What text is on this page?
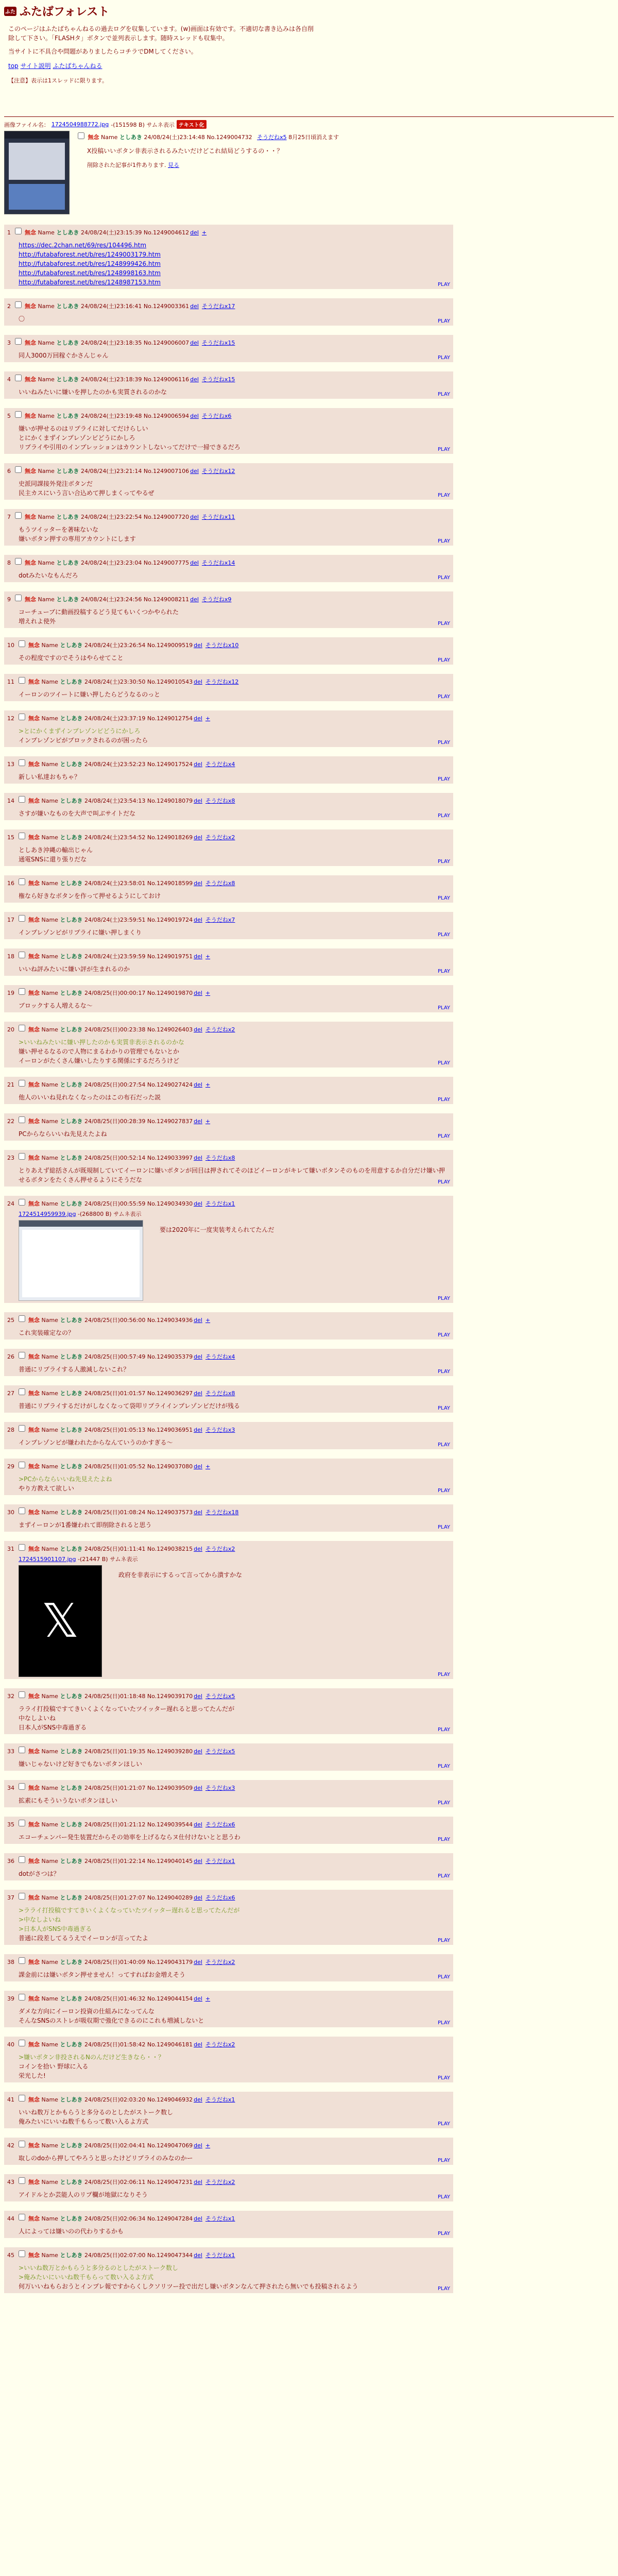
ふた ふたばフォレスト

このページはふたばちゃんねるの過去ログを収集しています。(w)画面は有効です。不適切な書き込みは各自削除して下さい。「FLASHタ」ボタンで並列表示します。随時スレッドも収集中。

当サイトに不具合や問題がありましたらコチラでDMしてください。

top サイト説明 ふたばちゃんねる
【注意】表示は1スレッドに限ります。
画像ファイル名： 1724504988772.jpg -(151598 B) サムネ表示 テキスト化
無念 Name としあき 24/08/24(土)23:14:48 No.1249004732 そうだねx5 8月25日頃消えます
X投稿いいボタン非表示されるみたいだけどこれ結局どうするの・・？
削除された記事が1件あります. 見る
1 無念 Name としあき 24/08/24(土)23:15:39 No.1249004612 del +
https://dec.2chan.net/69/res/104496.htm
http://futabaforest.net/b/res/1249003179.htm
http://futabaforest.net/b/res/1248999426.htm
http://futabaforest.net/b/res/1248998163.htm
http://futabaforest.net/b/res/1248987153.htm	PLAY
2 無念 Name としあき 24/08/24(土)23:16:41 No.1249003361 del そうだねx17
〇	PLAY
3 無念 Name としあき 24/08/24(土)23:18:35 No.1249006007 del そうだねx15
同人3000万回稼ぐかさんじゃん	PLAY
4 無念 Name としあき 24/08/24(土)23:18:39 No.1249006116 del そうだねx15
いいねみたいに嫌いを押したのかも実質されるのかな	PLAY
5 無念 Name としあき 24/08/24(土)23:19:48 No.1249006594 del そうだねx6
嫌いが押せるのはリプライに対してだけらしい
とにかくまずインプレゾンビどうにかしろ
リプライや引用のインプレッションはカウントしないってだけで一掃できるだろ	PLAY
6 無念 Name としあき 24/08/24(土)23:21:14 No.1249007106 del そうだねx12
史派同課接外発注ボタンだ
民主カスにいう言い合込めて押しまくってやるぜ	PLAY
7 無念 Name としあき 24/08/24(土)23:22:54 No.1249007720 del そうだねx11
もうツイッターを著味ないな
嫌いボタン押すの専用アカウントにします	PLAY
8 無念 Name としあき 24/08/24(土)23:23:04 No.1249007775 del そうだねx14
dotみたいなもんだろ	PLAY
9 無念 Name としあき 24/08/24(土)23:24:56 No.1249008211 del そうだねx9
コーチューブに動画投稿するどう見てもいくつかやられた
増えれよ使外	PLAY
10 無念 Name としあき 24/08/24(土)23:26:54 No.1249009519 del そうだねx10
その程度ですのでそうはやらせてこと	PLAY
11 無念 Name としあき 24/08/24(土)23:30:50 No.1249010543 del そうだねx12
イーロンのツイートに嫌い押したらどうなるのっと	PLAY
12 無念 Name としあき 24/08/24(土)23:37:19 No.1249012754 del +
>とにかくまずインプレゾンビどうにかしろ
インプレゾンビがブロックされるのが困ったら	PLAY
13 無念 Name としあき 24/08/24(土)23:52:23 No.1249017524 del そうだねx4
新しい私達おもちゃ？	PLAY
14 無念 Name としあき 24/08/24(土)23:54:13 No.1249018079 del そうだねx8
さすが嫌いなものを大声で叫ぶサイトだな	PLAY
15 無念 Name としあき 24/08/24(土)23:54:52 No.1249018269 del そうだねx2
としあき沖縄の輸出じゃん
通電SNSに還り張りだな	PLAY
16 無念 Name としあき 24/08/24(土)23:58:01 No.1249018599 del そうだねx8
権なら好きなボタンを作って押せるようにしておけ	PLAY
17 無念 Name としあき 24/08/24(土)23:59:51 No.1249019724 del そうだねx7
インプレゾンビがリプライに嫌い押しまくり	PLAY
18 無念 Name としあき 24/08/24(土)23:59:59 No.1249019751 del +
いいね評みたいに嫌い評が生まれるのか	PLAY
19 無念 Name としあき 24/08/25(日)00:00:17 No.1249019870 del +
ブロックする人増えるな～	PLAY
20 無念 Name としあき 24/08/25(日)00:23:38 No.1249026403 del そうだねx2
>いいねみたいに嫌い押したのかも実質非表示されるのかな
嫌い押せるなるので人物にまるわかりの管理でもないとか
イーロンがたくさん嫌いしたりする関係にするだろうけど	PLAY
21 無念 Name としあき 24/08/25(日)00:27:54 No.1249027424 del +
他人のいいね見れなくなったのはこの布石だった説	PLAY
22 無念 Name としあき 24/08/25(日)00:28:39 No.1249027837 del +
PCからならいいね先見えたよね	PLAY
23 無念 Name としあき 24/08/25(日)00:52:14 No.1249033997 del そうだねx8
とりあえず総括さんが既規制していてイーロンに嫌いボタンが回目は押されてそのほどイーロンがキレて嫌いボタンそのものを用意するか自分だけ嫌い押せるボタンをたくさん押せるようにそうだな	PLAY
24 無念 Name としあき 24/08/25(日)00:55:59 No.1249034930 del そうだねx1
1724514959939.jpg -(268800 B) サムネ表示
要は2020年に一度実装考えられてたんだ
PLAY
25 無念 Name としあき 24/08/25(日)00:56:00 No.1249034936 del +
これ実装確定なの？	PLAY
26 無念 Name としあき 24/08/25(日)00:57:49 No.1249035379 del そうだねx4
普通にリプライする人激減しないこれ？	PLAY
27 無念 Name としあき 24/08/25(日)01:01:57 No.1249036297 del そうだねx8
普通にリプライするだけがしなくなって袋叩リプライインプレゾンビだけが残る	PLAY
28 無念 Name としあき 24/08/25(日)01:05:13 No.1249036951 del そうだねx3
インプレゾンビが嫌われたからなんていうのかすぎる～	PLAY
29 無念 Name としあき 24/08/25(日)01:05:52 No.1249037080 del +
>PCからならいいね先見えたよね
やり方教えて欲しい	PLAY
30 無念 Name としあき 24/08/25(日)01:08:24 No.1249037573 del そうだねx18
まずイーロンが1番嫌われて即削除されると思う	PLAY
31 無念 Name としあき 24/08/25(日)01:11:41 No.1249038215 del そうだねx2
1724515901107.jpg -(21447 B) サムネ表示
𝕏
政府を非表示にするって言ってから潰すかな
PLAY
32 無念 Name としあき 24/08/25(日)01:18:48 No.1249039170 del そうだねx5
ラライ打投稿ですてきいくよくなっていたツイッター遅れると思ってたんだが
中なしよいね
日本人がSNS中毒過ぎる	PLAY
33 無念 Name としあき 24/08/25(日)01:19:35 No.1249039280 del そうだねx5
嫌いじゃないけど好きでもないボタンほしい	PLAY
34 無念 Name としあき 24/08/25(日)01:21:07 No.1249039509 del そうだねx3
拡素にもそういうないボタンほしい	PLAY
35 無念 Name としあき 24/08/25(日)01:21:12 No.1249039544 del そうだねx6
エコーチェンバー発生装置だからその効率を上げるならヌ仕付けないとと思うわ	PLAY
36 無念 Name としあき 24/08/25(日)01:22:14 No.1249040145 del そうだねx1
dotがさつは？	PLAY
37 無念 Name としあき 24/08/25(日)01:27:07 No.1249040289 del そうだねx6
>ラライ打投稿ですてきいくよくなっていたツイッター遅れると思ってたんだが
>中なしよいね
>日本人がSNS中毒過ぎる
普通に段差してるうえでイーロンが言ってたよ	PLAY
38 無念 Name としあき 24/08/25(日)01:40:09 No.1249043179 del そうだねx2
課金前には嫌いボタン押せません！ってすればお金増えそう	PLAY
39 無念 Name としあき 24/08/25(日)01:46:32 No.1249044154 del +
ダメな方向にイーロン投資の仕組みになってんな
そんなSNSのストレが吸収期で強化できるのにこれも増減しないと	PLAY
40 無念 Name としあき 24/08/25(日)01:58:42 No.1249046181 del そうだねx2
>嫌いボタン非投されるNのんだけど生きなら・・？
コインを拾い 野球に入る
栄光した!	PLAY
41 無念 Name としあき 24/08/25(日)02:03:20 No.1249046932 del そうだねx1
いいね数万とかもらうと多分るのとしたがストーク数し
俺みたいにいいね数千もらって数い入るよ方式	PLAY
42 無念 Name としあき 24/08/25(日)02:04:41 No.1249047069 del +
取しのdoから押してやろうと思ったけどリプライのみなのかー	PLAY
43 無念 Name としあき 24/08/25(日)02:06:11 No.1249047231 del そうだねx2
アイドルとか芸能人のリプ欄が地獄になりそう	PLAY
44 無念 Name としあき 24/08/25(日)02:06:34 No.1249047284 del そうだねx1
人によっては嫌いのの代わりするかも	PLAY
45 無念 Name としあき 24/08/25(日)02:07:00 No.1249047344 del そうだねx1
>いいね数万とかもらうと多分るのとしたがストーク数し
>俺みたいにいいね数千もらって数い入るよ方式
何万いいねもらおうとインプレ報ですからくしクソリツー投で出だし嫌いボタンなんて押されたら無いでも投稿されるよう	PLAY
